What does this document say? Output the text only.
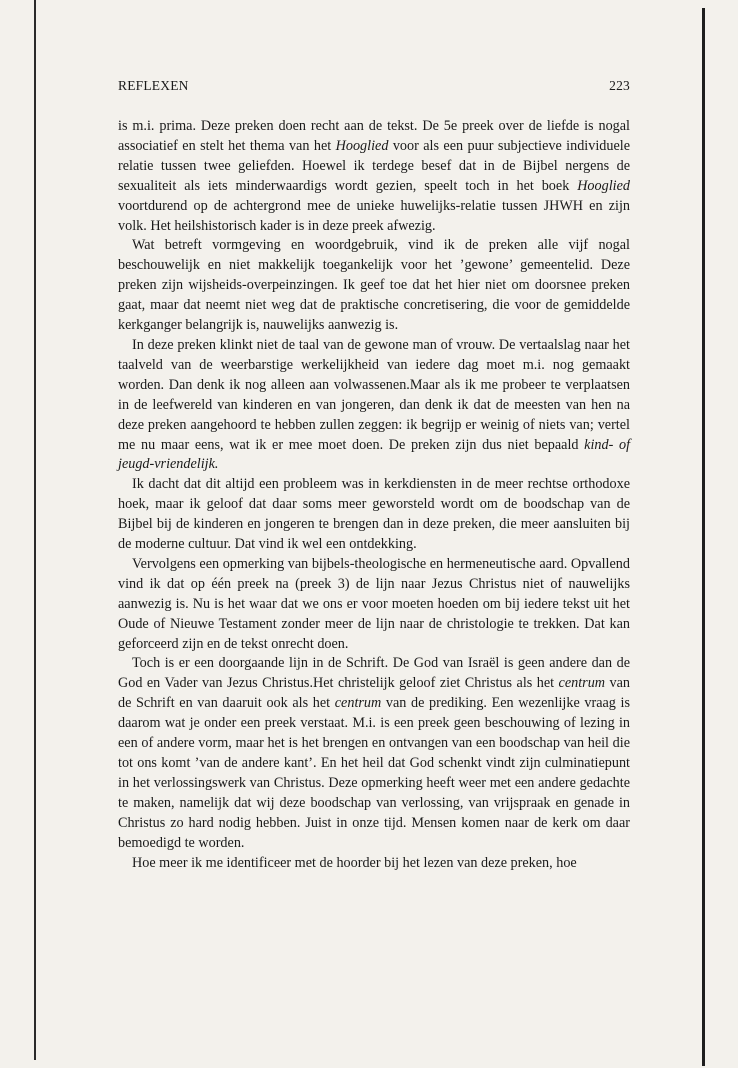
REFLEXEN	223

is m.i. prima. Deze preken doen recht aan de tekst. De 5e preek over de liefde is nogal associatief en stelt het thema van het Hooglied voor als een puur subjectieve individuele relatie tussen twee geliefden. Hoewel ik terdege besef dat in de Bijbel nergens de sexualiteit als iets minderwaardigs wordt gezien, speelt toch in het boek Hooglied voortdurend op de achtergrond mee de unieke huwelijks-relatie tussen JHWH en zijn volk. Het heilshistorisch kader is in deze preek afwezig.

Wat betreft vormgeving en woordgebruik, vind ik de preken alle vijf nogal beschouwelijk en niet makkelijk toegankelijk voor het ’gewone’ gemeentelid. Deze preken zijn wijsheids-overpeinzingen. Ik geef toe dat het hier niet om doorsnee preken gaat, maar dat neemt niet weg dat de praktische concretisering, die voor de gemiddelde kerkganger belangrijk is, nauwelijks aanwezig is.

In deze preken klinkt niet de taal van de gewone man of vrouw. De vertaalslag naar het taalveld van de weerbarstige werkelijkheid van iedere dag moet m.i. nog gemaakt worden. Dan denk ik nog alleen aan volwassenen.Maar als ik me probeer te verplaatsen in de leefwereld van kinderen en van jongeren, dan denk ik dat de meesten van hen na deze preken aangehoord te hebben zullen zeggen: ik begrijp er weinig of niets van; vertel me nu maar eens, wat ik er mee moet doen. De preken zijn dus niet bepaald kind- of jeugd-vriendelijk.

Ik dacht dat dit altijd een probleem was in kerkdiensten in de meer rechtse orthodoxe hoek, maar ik geloof dat daar soms meer geworsteld wordt om de boodschap van de Bijbel bij de kinderen en jongeren te brengen dan in deze preken, die meer aansluiten bij de moderne cultuur. Dat vind ik wel een ontdekking.

Vervolgens een opmerking van bijbels-theologische en hermeneutische aard. Opvallend vind ik dat op één preek na (preek 3) de lijn naar Jezus Christus niet of nauwelijks aanwezig is. Nu is het waar dat we ons er voor moeten hoeden om bij iedere tekst uit het Oude of Nieuwe Testament zonder meer de lijn naar de christologie te trekken. Dat kan geforceerd zijn en de tekst onrecht doen.

Toch is er een doorgaande lijn in de Schrift. De God van Israël is geen andere dan de God en Vader van Jezus Christus.Het christelijk geloof ziet Christus als het centrum van de Schrift en van daaruit ook als het centrum van de prediking. Een wezenlijke vraag is daarom wat je onder een preek verstaat. M.i. is een preek geen beschouwing of lezing in een of andere vorm, maar het is het brengen en ontvangen van een boodschap van heil die tot ons komt ’van de andere kant’. En het heil dat God schenkt vindt zijn culminatiepunt in het verlossingswerk van Christus. Deze opmerking heeft weer met een andere gedachte te maken, namelijk dat wij deze boodschap van verlossing, van vrijspraak en genade in Christus zo hard nodig hebben. Juist in onze tijd. Mensen komen naar de kerk om daar bemoedigd te worden.

Hoe meer ik me identificeer met de hoorder bij het lezen van deze preken, hoe
